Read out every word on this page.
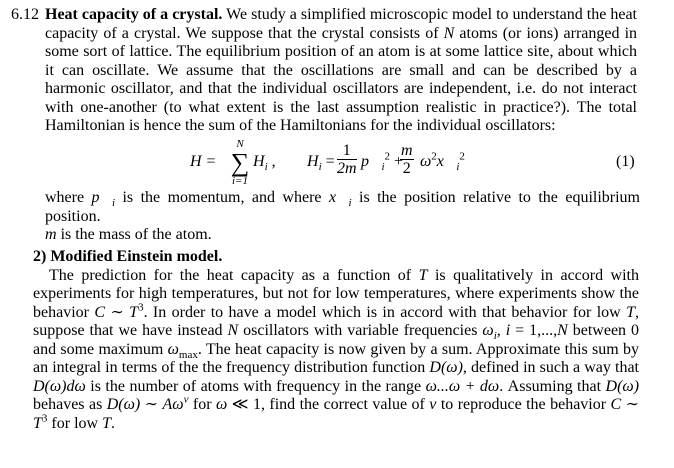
6.12 Heat capacity of a crystal. We study a simplified microscopic model to understand the heat capacity of a crystal. We suppose that the crystal consists of N atoms (or ions) arranged in some sort of lattice. The equilibrium position of an atom is at some lattice site, about which it can oscillate. We assume that the oscillations are small and can be described by a harmonic oscillator, and that the individual oscillators are independent, i.e. do not interact with one-another (to what extent is the last assumption realistic in practice?). The total Hamiltonian is hence the sum of the Hamiltonians for the individual oscillators:
H =
N
∑
i=1
$H_i$ , $H_i = \frac{1}{2m}$ $p⃗_i^2$ +
$\frac{m}{2}$ $\omega^2x⃗_i^2$	(1)
where $p⃗_i$ is the momentum, and where $x⃗_i$ is the position relative to the equilibrium position.
m is the mass of the atom.
2) Modified Einstein model.
The prediction for the heat capacity as a function of T is qualitatively in accord with experiments for high temperatures, but not for low temperatures, where experiments show the behavior C ∼ $T^3$. In order to have a model which is in accord with that behavior for low T, suppose that we have instead N oscillators with variable frequencies $\omega_i$, i = 1,...,N between 0 and some maximum $\omega_{max}$. The heat capacity is now given by a sum. Approximate this sum by an integral in terms of the the frequency distribution function D(ω), defined in such a way that D(ω)dω is the number of atoms with frequency in the range ω...ω + dω. Assuming that D(ω) behaves as D(ω) ∼ $A\omega^\nu$ for ω ≪ 1, find the correct value of ν to reproduce the behavior C ∼ $T^3$ for low T.
